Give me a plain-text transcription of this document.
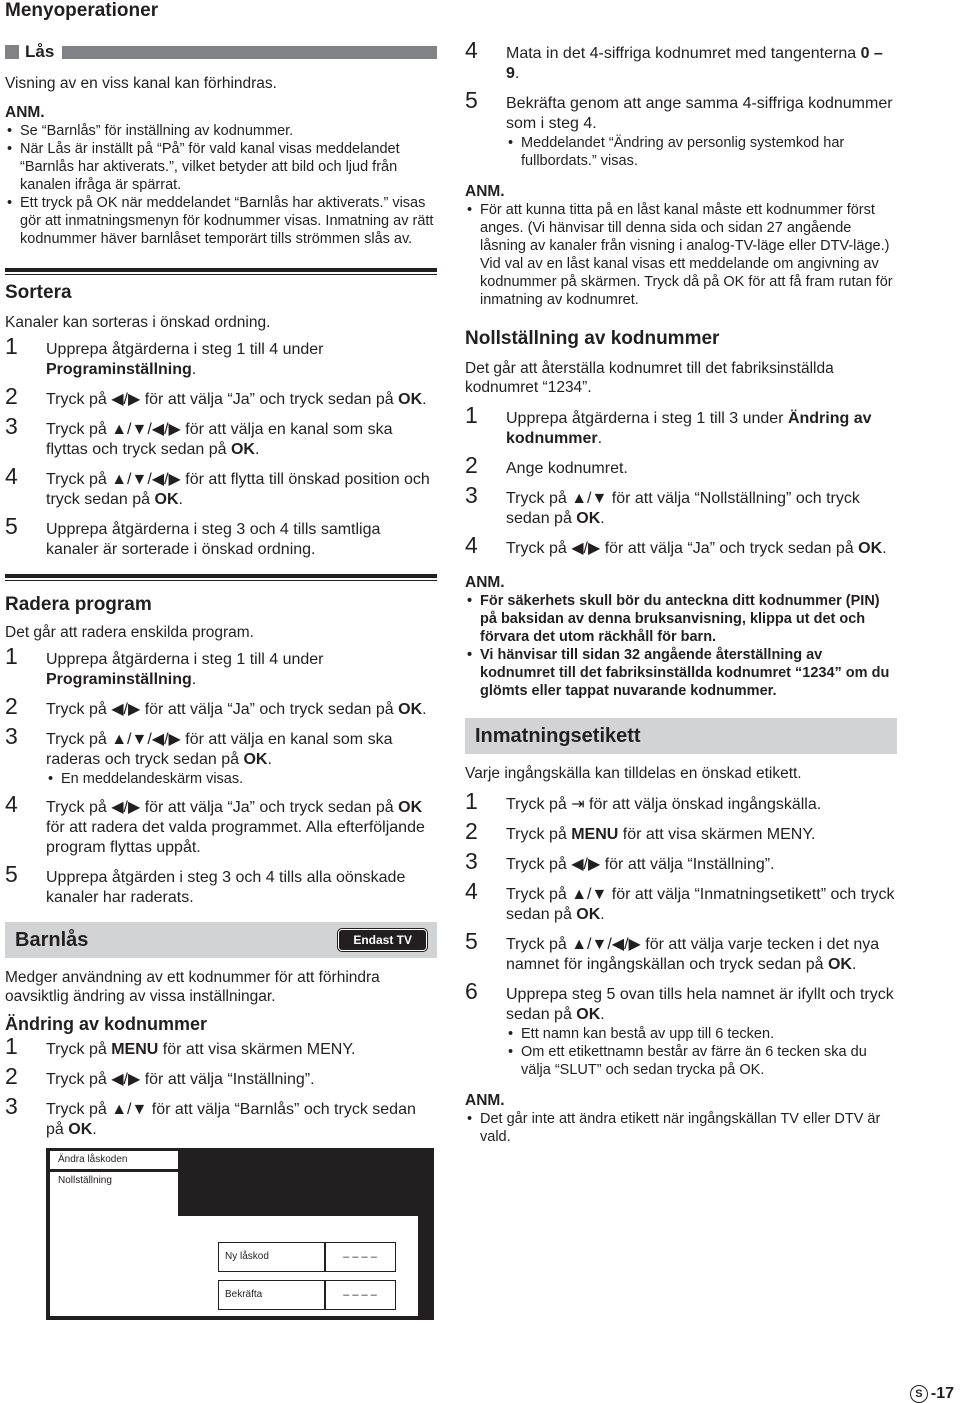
Menyoperationer
Lås

Visning av en viss kanal kan förhindras.

ANM.

• Se “Barnlås” för inställning av kodnummer.

• När Lås är inställt på “På” för vald kanal visas meddelandet “Barnlås har aktiverats.”, vilket betyder att bild och ljud från kanalen ifråga är spärrat.

• Ett tryck på OK när meddelandet “Barnlås har aktiverats.” visas gör att inmatningsmenyn för kodnummer visas. Inmatning av rätt kodnummer häver barnlåset temporärt tills strömmen slås av.

Sortera

Kanaler kan sorteras i önskad ordning.

1 Upprepa åtgärderna i steg 1 till 4 under Programinställning.

2 Tryck på ◀/▶ för att välja “Ja” och tryck sedan på OK.

3 Tryck på ▲/▼/◀/▶ för att välja en kanal som ska flyttas och tryck sedan på OK.

4 Tryck på ▲/▼/◀/▶ för att flytta till önskad position och tryck sedan på OK.

5 Upprepa åtgärderna i steg 3 och 4 tills samtliga kanaler är sorterade i önskad ordning.

Radera program

Det går att radera enskilda program.

1 Upprepa åtgärderna i steg 1 till 4 under Programinställning.

2 Tryck på ◀/▶ för att välja “Ja” och tryck sedan på OK.

3 Tryck på ▲/▼/◀/▶ för att välja en kanal som ska raderas och tryck sedan på OK.

• En meddelandeskärm visas.

4 Tryck på ◀/▶ för att välja “Ja” och tryck sedan på OK för att radera det valda programmet. Alla efterföljande program flyttas uppåt.

5 Upprepa åtgärden i steg 3 och 4 tills alla oönskade kanaler har raderats.

Barnlås	Endast TV

Medger användning av ett kodnummer för att förhindra oavsiktlig ändring av vissa inställningar.

Ändring av kodnummer

1 Tryck på MENU för att visa skärmen MENY.

2 Tryck på ◀/▶ för att välja “Inställning”.

3 Tryck på ▲/▼ för att välja “Barnlås” och tryck sedan på OK.

Ändra låskoden
Nollställning
Ny låskod	– – – –
Bekräfta	– – – –

4 Mata in det 4-siffriga kodnumret med tangenterna 0 – 9.

5 Bekräfta genom att ange samma 4-siffriga kodnummer som i steg 4.

• Meddelandet “Ändring av personlig systemkod har fullbordats.” visas.

ANM.

• För att kunna titta på en låst kanal måste ett kodnummer först anges. (Vi hänvisar till denna sida och sidan 27 angående låsning av kanaler från visning i analog-TV-läge eller DTV-läge.) Vid val av en låst kanal visas ett meddelande om angivning av kodnummer på skärmen. Tryck då på OK för att få fram rutan för inmatning av kodnumret.

Nollställning av kodnummer

Det går att återställa kodnumret till det fabriksinställda kodnumret “1234”.

1 Upprepa åtgärderna i steg 1 till 3 under Ändring av kodnummer.

2 Ange kodnumret.

3 Tryck på ▲/▼ för att välja “Nollställning” och tryck sedan på OK.

4 Tryck på ◀/▶ för att välja “Ja” och tryck sedan på OK.

ANM.

• För säkerhets skull bör du anteckna ditt kodnummer (PIN) på baksidan av denna bruksanvisning, klippa ut det och förvara det utom räckhåll för barn.

• Vi hänvisar till sidan 32 angående återställning av kodnumret till det fabriksinställda kodnumret “1234” om du glömts eller tappat nuvarande kodnummer.

Inmatningsetikett

Varje ingångskälla kan tilldelas en önskad etikett.

1 Tryck på ⇥ för att välja önskad ingångskälla.

2 Tryck på MENU för att visa skärmen MENY.

3 Tryck på ◀/▶ för att välja “Inställning”.

4 Tryck på ▲/▼ för att välja “Inmatningsetikett” och tryck sedan på OK.

5 Tryck på ▲/▼/◀/▶ för att välja varje tecken i det nya namnet för ingångskällan och tryck sedan på OK.

6 Upprepa steg 5 ovan tills hela namnet är ifyllt och tryck sedan på OK.

• Ett namn kan bestå av upp till 6 tecken.

• Om ett etikettnamn består av färre än 6 tecken ska du välja “SLUT” och sedan trycka på OK.

ANM.

• Det går inte att ändra etikett när ingångskällan TV eller DTV är vald.

S -17
